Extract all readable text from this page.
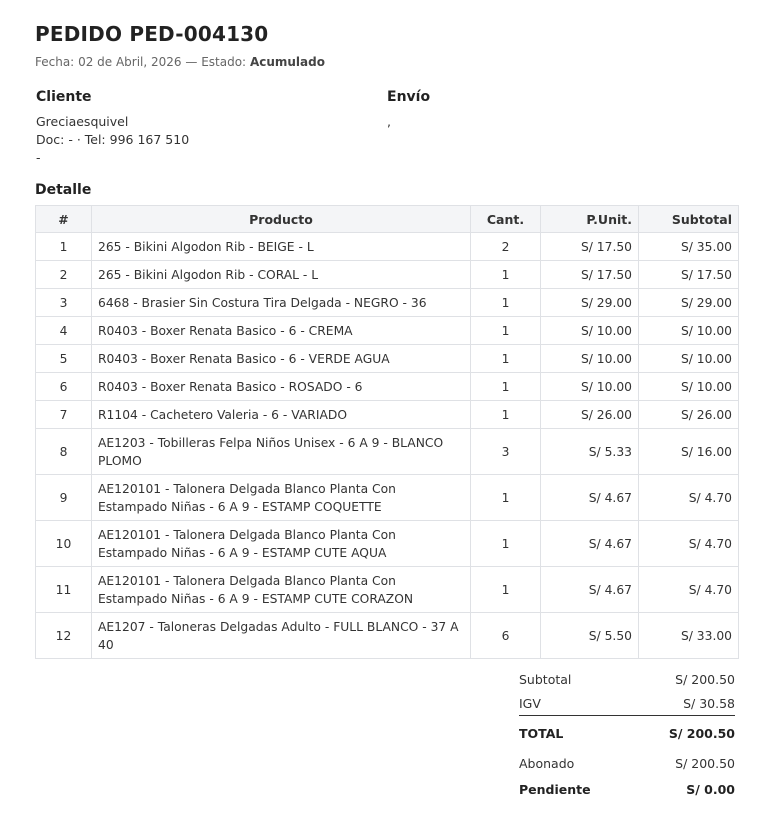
PEDIDO PED-004130
Fecha: 02 de Abril, 2026 — Estado: Acumulado
Cliente	Envío
Greciaesquivel
Doc: - · Tel: 996 167 510
-
,
Detalle
#	Producto	Cant.	P.Unit.	Subtotal
1	265 - Bikini Algodon Rib - BEIGE - L	2	S/ 17.50	S/ 35.00
2	265 - Bikini Algodon Rib - CORAL - L	1	S/ 17.50	S/ 17.50
3	6468 - Brasier Sin Costura Tira Delgada - NEGRO - 36	1	S/ 29.00	S/ 29.00
4	R0403 - Boxer Renata Basico - 6 - CREMA	1	S/ 10.00	S/ 10.00
5	R0403 - Boxer Renata Basico - 6 - VERDE AGUA	1	S/ 10.00	S/ 10.00
6	R0403 - Boxer Renata Basico - ROSADO - 6	1	S/ 10.00	S/ 10.00
7	R1104 - Cachetero Valeria - 6 - VARIADO	1	S/ 26.00	S/ 26.00
8	AE1203 - Tobilleras Felpa Niños Unisex - 6 A 9 - BLANCO PLOMO	3	S/ 5.33	S/ 16.00
9	AE120101 - Talonera Delgada Blanco Planta Con Estampado Niñas - 6 A 9 - ESTAMP COQUETTE	1	S/ 4.67	S/ 4.70
10	AE120101 - Talonera Delgada Blanco Planta Con Estampado Niñas - 6 A 9 - ESTAMP CUTE AQUA	1	S/ 4.67	S/ 4.70
11	AE120101 - Talonera Delgada Blanco Planta Con Estampado Niñas - 6 A 9 - ESTAMP CUTE CORAZON	1	S/ 4.67	S/ 4.70
12	AE1207 - Taloneras Delgadas Adulto - FULL BLANCO - 37 A 40	6	S/ 5.50	S/ 33.00
Subtotal	S/ 200.50
IGV	S/ 30.58
TOTAL	S/ 200.50
Abonado	S/ 200.50
Pendiente	S/ 0.00
